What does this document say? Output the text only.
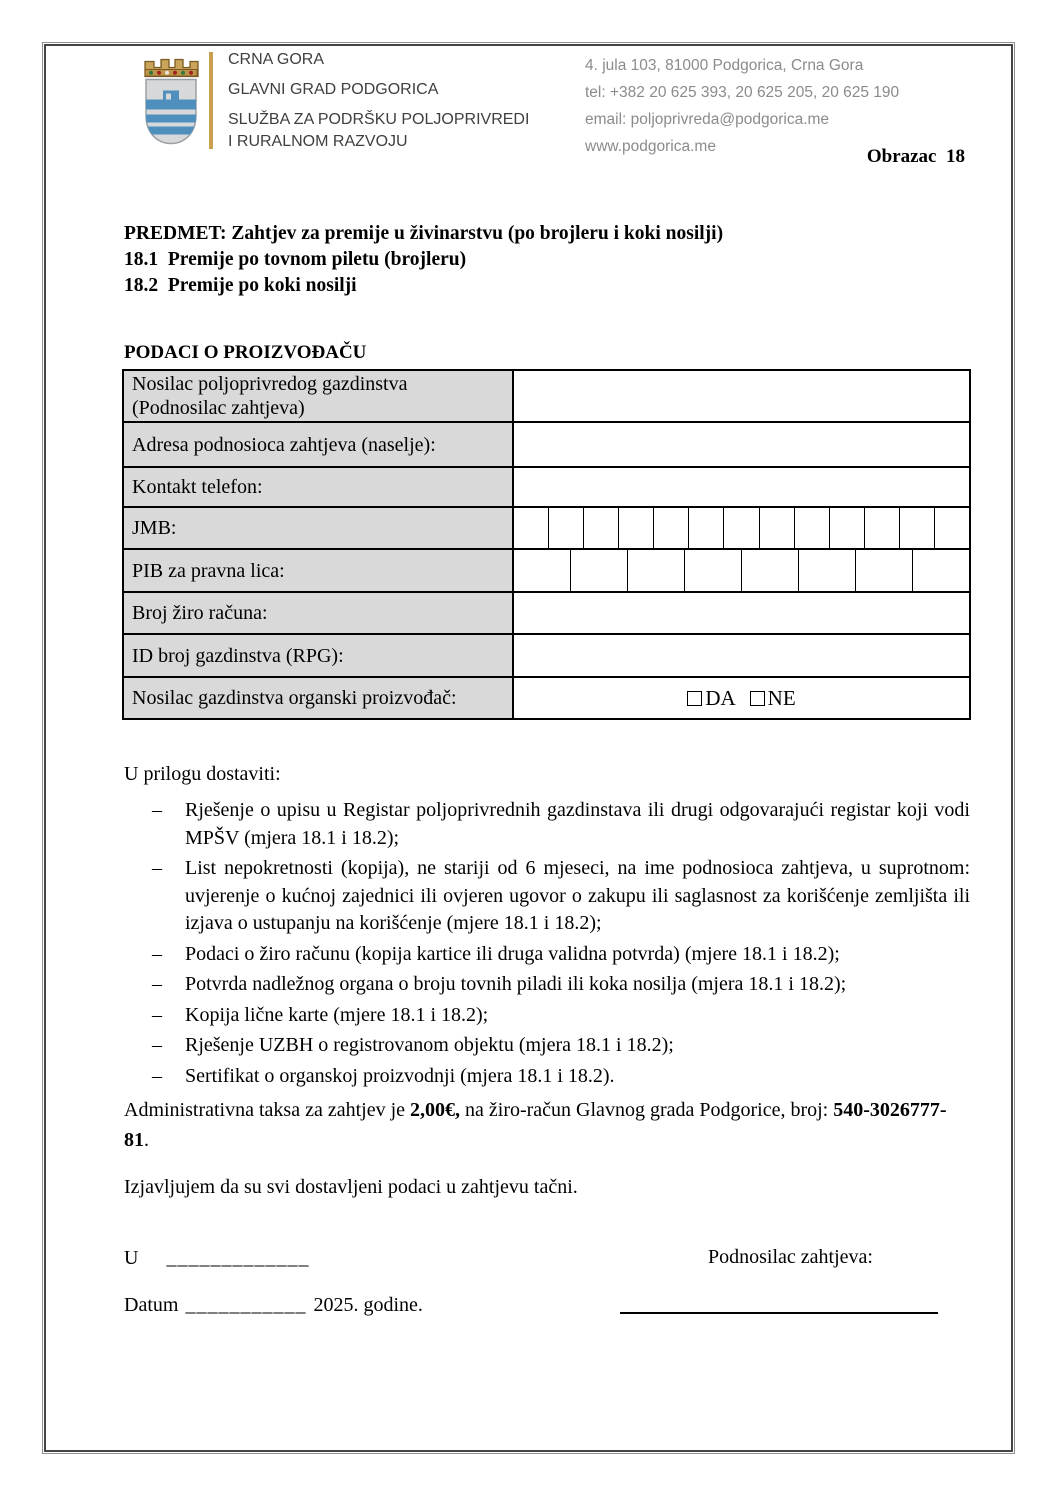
CRNA GORA
GLAVNI GRAD PODGORICA
SLUŽBA ZA PODRŠKU POLJOPRIVREDI
I RURALNOM RAZVOJU
4. jula 103, 81000 Podgorica, Crna Gora
tel: +382 20 625 393, 20 625 205, 20 625 190
email: poljoprivreda@podgorica.me
www.podgorica.me	Obrazac  18
PREDMET: Zahtjev za premije u živinarstvu (po brojleru i koki nosilji)
18.1  Premije po tovnom piletu (brojleru)
18.2  Premije po koki nosilji
PODACI O PROIZVOĐAČU
Nosilac poljoprivredog gazdinstva
(Podnosilac zahtjeva)
Adresa podnosioca zahtjeva (naselje):
Kontakt telefon:
JMB:
PIB za pravna lica:
Broj žiro računa:
ID broj gazdinstva (RPG):
Nosilac gazdinstva organski proizvođač:	DA NE
U prilogu dostaviti:
–	Rješenje o upisu u Registar poljoprivrednih gazdinstava ili drugi odgovarajući registar koji vodi MPŠV (mjera 18.1 i 18.2);
–	List nepokretnosti (kopija), ne stariji od 6 mjeseci, na ime podnosioca zahtjeva, u suprotnom: uvjerenje o kućnoj zajednici ili ovjeren ugovor o zakupu ili saglasnost za korišćenje zemljišta ili izjava o ustupanju na korišćenje (mjere 18.1 i 18.2);
–	Podaci o žiro računu (kopija kartice ili druga validna potvrda) (mjere 18.1 i 18.2);
–	Potvrda nadležnog organa o broju tovnih piladi ili koka nosilja (mjera 18.1 i 18.2);
–	Kopija lične karte (mjere 18.1 i 18.2);
–	Rješenje UZBH o registrovanom objektu (mjera 18.1 i 18.2);
–	Sertifikat o organskoj proizvodnji (mjera 18.1 i 18.2).
Administrativna taksa za zahtjev je 2,00€, na žiro-račun Glavnog grada Podgorice, broj: 540-3026777-81.
Izjavljujem da su svi dostavljeni podaci u zahtjevu tačni.
U _____________	Podnosilac zahtjeva:
Datum ___________ 2025. godine.
